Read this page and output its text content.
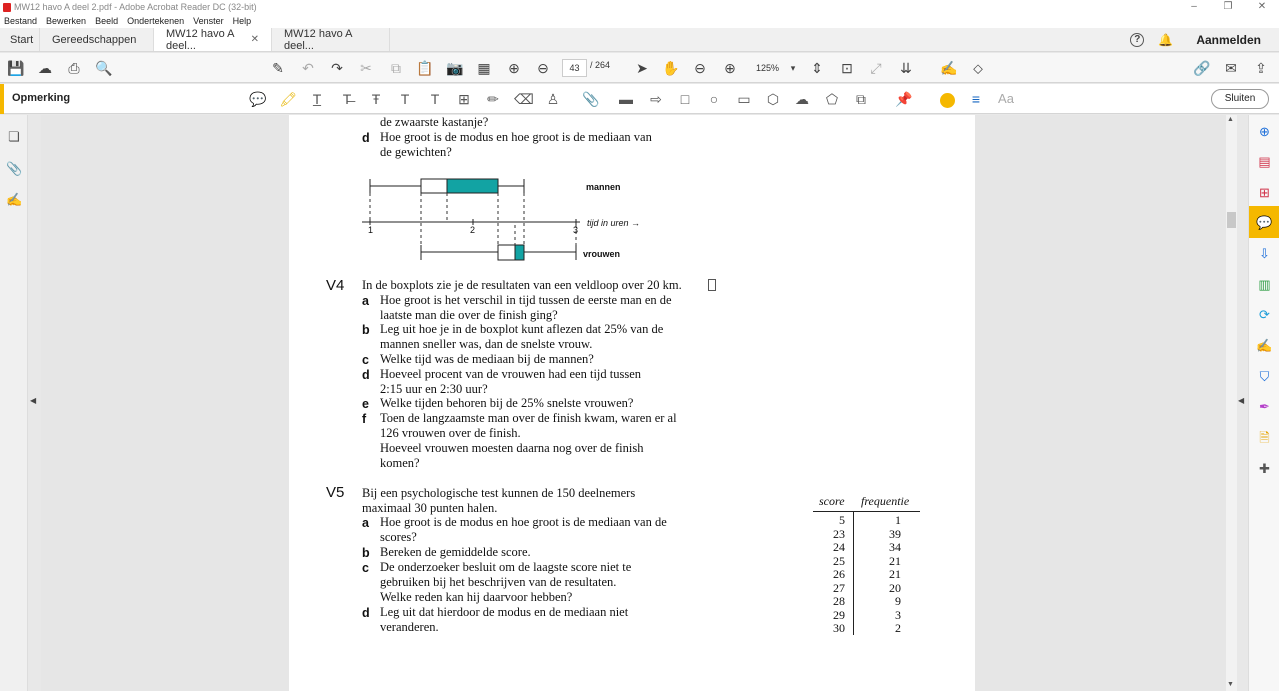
MW12 havo A deel 2.pdf - Adobe Acrobat Reader DC (32-bit)	–	❐	✕
Bestand	Bewerken	Beeld	Ondertekenen	Venster	Help
Start Gereedschappen	MW12 havo A deel...	✕ MW12 havo A deel...
?	🔔 Aanmelden
💾 ☁ ⎙ 🔍	✎ ↶ ↷ ✂ ⧉ 📋 📷 ▦ ⊕ ⊖	➤ ✋ ⊖ ⊕	▾	⇕ ⊡ ⤢ ⇊ ✍ ⬦	🔗 ✉ ⇪
43	/ 264	125%
Opmerking	💬 🖍	T̲	T̶	Ŧ	T	T	⊞ ✏ ⌫ ♙ 📎 ▬ ⇨	□	○	▭ ⬡ ☁ ⬠ ⧉ 📌	≡	Aa	Sluiten
❏
📎
✍
◀
de zwaarste kastanje?
d Hoe groot is de modus en hoe groot is de mediaan van
de gewichten?
mannen
vrouwen
tijd in uren →
1	2	3
V4 In de boxplots zie je de resultaten van een veldloop over 20 km.
a Hoe groot is het verschil in tijd tussen de eerste man en de
laatste man die over de finish ging?
b Leg uit hoe je in de boxplot kunt aflezen dat 25% van de
mannen sneller was, dan de snelste vrouw.
c Welke tijd was de mediaan bij de mannen?
d Hoeveel procent van de vrouwen had een tijd tussen
2:15 uur en 2:30 uur?
e Welke tijden behoren bij de 25% snelste vrouwen?
f Toen de langzaamste man over de finish kwam, waren er al
126 vrouwen over de finish.
Hoeveel vrouwen moesten daarna nog over de finish
komen?
V5 Bij een psychologische test kunnen de 150 deelnemers
maximaal 30 punten halen.
a Hoe groot is de modus en hoe groot is de mediaan van de
scores?
b Bereken de gemiddelde score.
c De onderzoeker besluit om de laagste score niet te
gebruiken bij het beschrijven van de resultaten.
Welke reden kan hij daarvoor hebben?
d Leg uit dat hierdoor de modus en de mediaan niet
veranderen.
score frequentie
5	1
23	39
24	34
25	21
26	21
27	20
28	9
29	3
30	2
▲
▼
◀
⊕
▤
⊞
💬
⇩
▥
⟳
✍
⛉
✒
🗎
✚
